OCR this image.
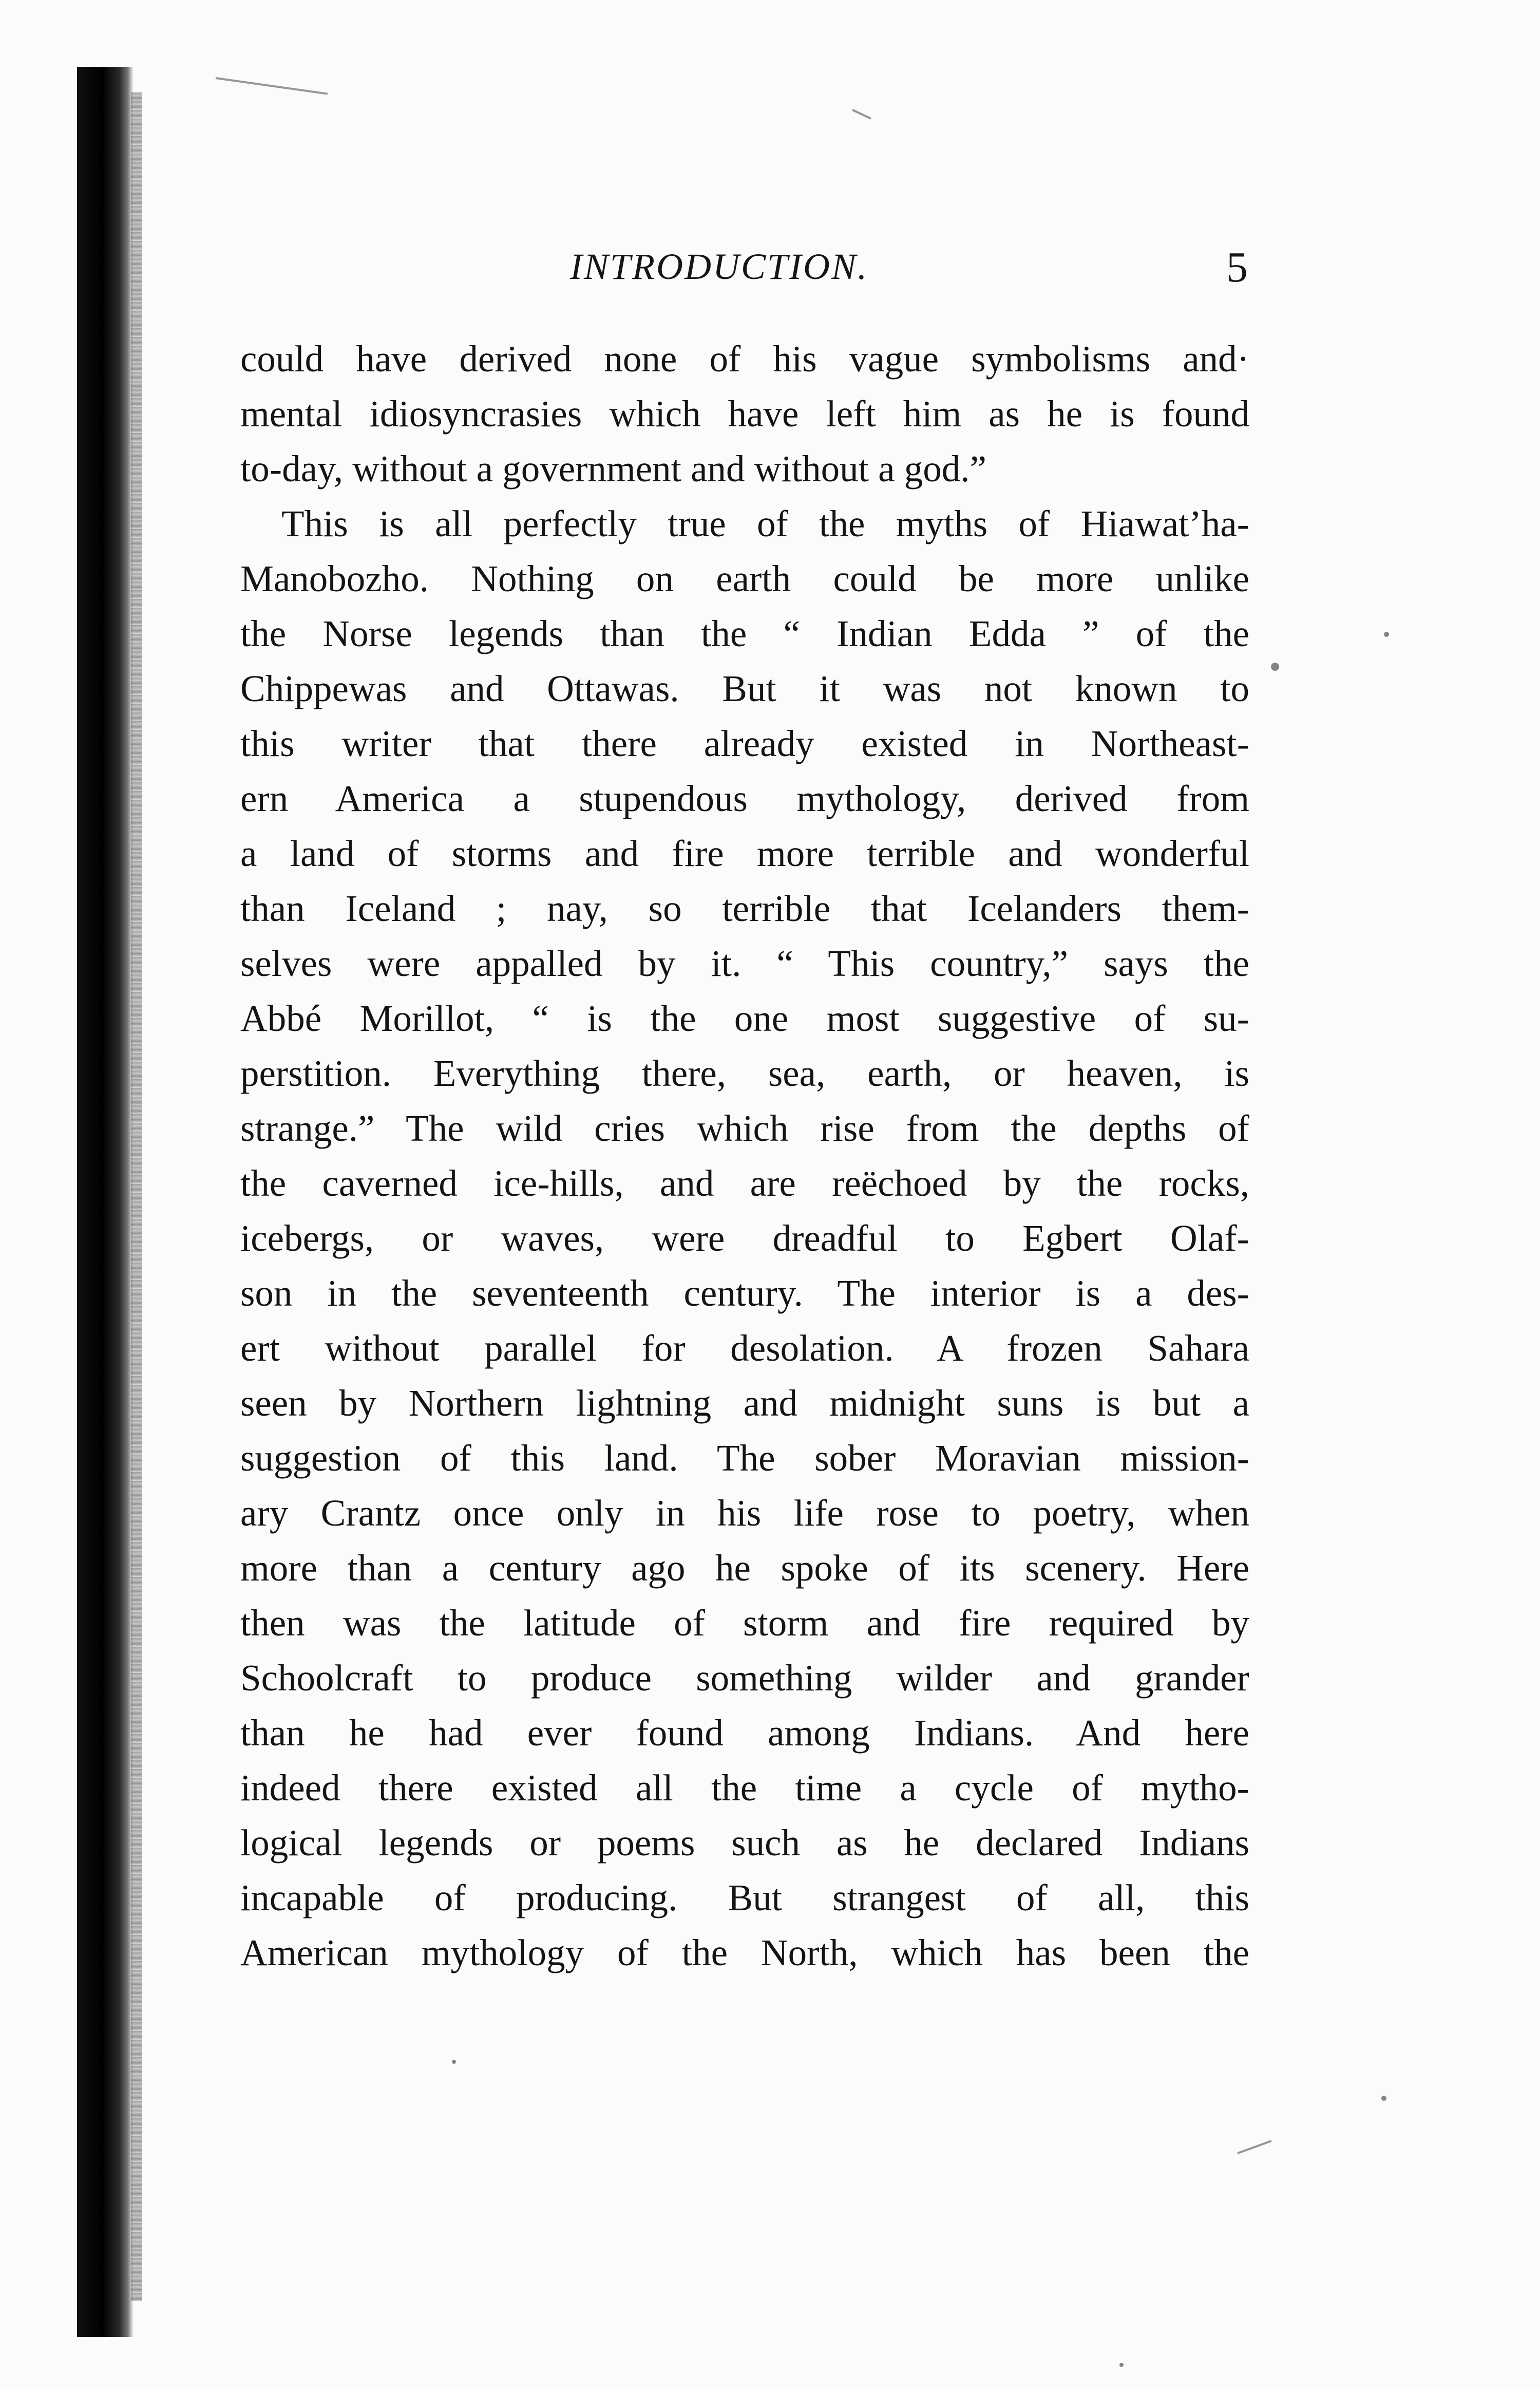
INTRODUCTION.	5
could have derived none of his vague symbolisms and·
mental idiosyncrasies which have left him as he is found
to-day, without a government and without a god.”
This is all perfectly true of the myths of Hiawat’ha-
Manobozho. Nothing on earth could be more unlike
the Norse legends than the “ Indian Edda ” of the
Chippewas and Ottawas. But it was not known to
this writer that there already existed in Northeast-
ern America a stupendous mythology, derived from
a land of storms and fire more terrible and wonderful
than Iceland ; nay, so terrible that Icelanders them-
selves were appalled by it. “ This country,” says the
Abbé Morillot, “ is the one most suggestive of su-
perstition. Everything there, sea, earth, or heaven, is
strange.” The wild cries which rise from the depths of
the caverned ice-hills, and are reëchoed by the rocks,
icebergs, or waves, were dreadful to Egbert Olaf-
son in the seventeenth century. The interior is a des-
ert without parallel for desolation. A frozen Sahara
seen by Northern lightning and midnight suns is but a
suggestion of this land. The sober Moravian mission-
ary Crantz once only in his life rose to poetry, when
more than a century ago he spoke of its scenery. Here
then was the latitude of storm and fire required by
Schoolcraft to produce something wilder and grander
than he had ever found among Indians. And here
indeed there existed all the time a cycle of mytho-
logical legends or poems such as he declared Indians
incapable of producing. But strangest of all, this
American mythology of the North, which has been the
